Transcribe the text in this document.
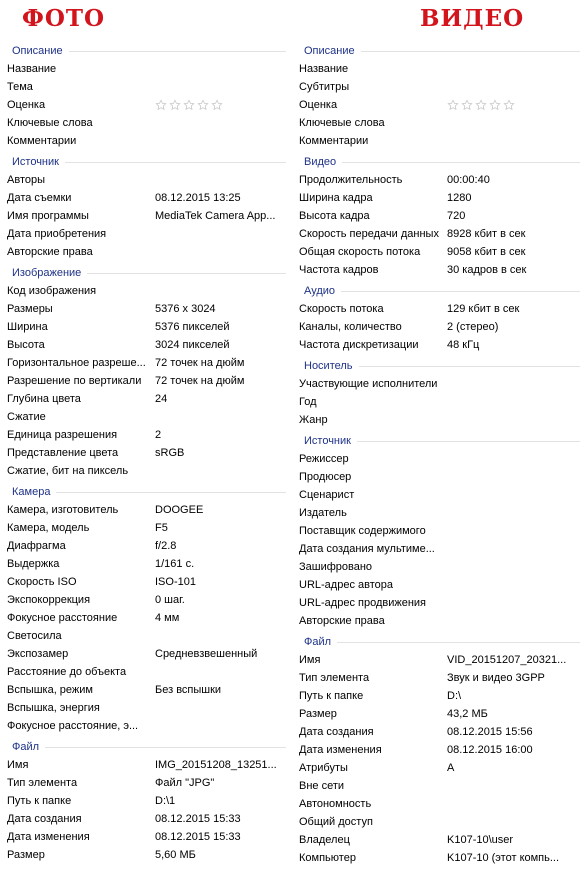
ФОТО
Описание
Название
Тема
Оценка
Ключевые слова
Комментарии
Источник
Авторы
Дата съемки	08.12.2015 13:25
Имя программы	MediaTek Camera App...
Дата приобретения
Авторские права
Изображение
Код изображения
Размеры	5376 x 3024
Ширина	5376 пикселей
Высота	3024 пикселей
Горизонтальное разреше... 72 точек на дюйм
Разрешение по вертикали	72 точек на дюйм
Глубина цвета	24
Сжатие
Единица разрешения	2
Представление цвета	sRGB
Сжатие, бит на пиксель
Камера
Камера, изготовитель	DOOGEE
Камера, модель	F5
Диафрагма	f/2.8
Выдержка	1/161 с.
Скорость ISO	ISO-101
Экспокоррекция	0 шаг.
Фокусное расстояние	4 мм
Светосила
Экспозамер	Средневзвешенный
Расстояние до объекта
Вспышка, режим	Без вспышки
Вспышка, энергия
Фокусное расстояние, э...
Файл
Имя	IMG_20151208_13251...
Тип элемента	Файл "JPG"
Путь к папке	D:\1
Дата создания	08.12.2015 15:33
Дата изменения	08.12.2015 15:33
Размер	5,60 МБ
ВИДЕО
Описание
Название
Субтитры
Оценка
Ключевые слова
Комментарии
Видео
Продолжительность	00:00:40
Ширина кадра	1280
Высота кадра	720
Скорость передачи данных 8928 кбит в сек
Общая скорость потока	9058 кбит в сек
Частота кадров	30 кадров в сек
Аудио
Скорость потока	129 кбит в сек
Каналы, количество	2 (стерео)
Частота дискретизации	48 кГц
Носитель
Участвующие исполнители
Год
Жанр
Источник
Режиссер
Продюсер
Сценарист
Издатель
Поставщик содержимого
Дата создания мультиме...
Зашифровано
URL-адрес автора
URL-адрес продвижения
Авторские права
Файл
Имя	VID_20151207_20321...
Тип элемента	Звук и видео 3GPP
Путь к папке	D:\
Размер	43,2 МБ
Дата создания	08.12.2015 15:56
Дата изменения	08.12.2015 16:00
Атрибуты	A
Вне сети
Автономность
Общий доступ
Владелец	K107-10\user
Компьютер	K107-10 (этот компь...
